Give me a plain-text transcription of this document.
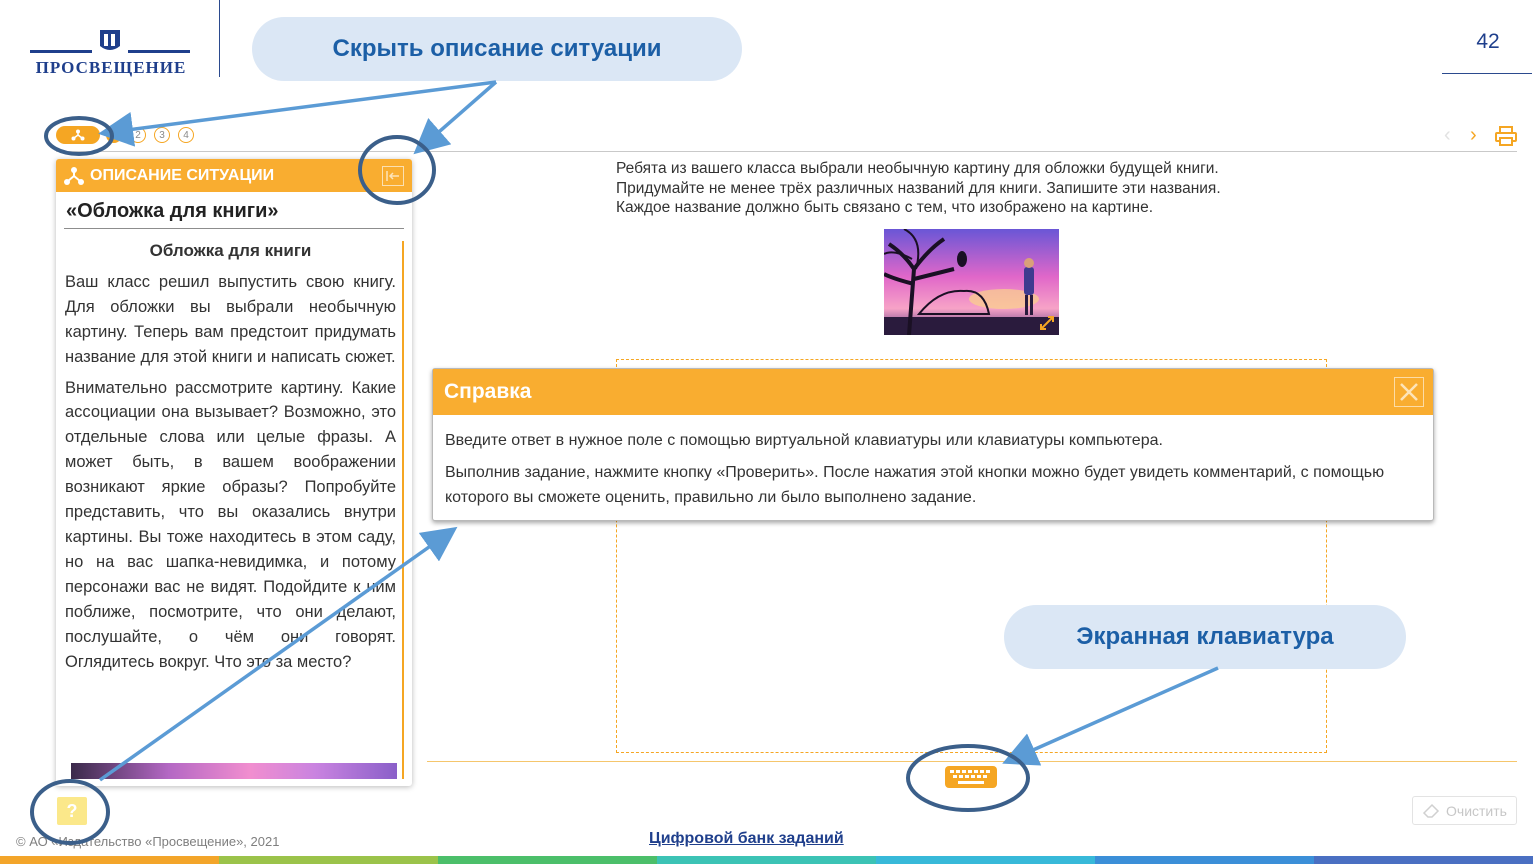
ПРОСВЕЩЕНИЕ
42
Скрыть описание ситуации
2	3	4	‹ ›
ОПИСАНИЕ СИТУАЦИИ
«Обложка для книги»
Обложка для книги

Ваш класс решил выпустить свою книгу. Для обложки вы выбрали необычную картину. Теперь вам предстоит придумать название для этой книги и написать сюжет.

Внимательно рассмотрите картину. Какие ассоциации она вызывает? Возможно, это отдельные слова или целые фразы. А может быть, в вашем воображении возникают яркие образы? Попробуйте представить, что вы оказались внутри картины. Вы тоже находитесь в этом саду, но на вас шапка-невидимка, и потому персонажи вас не видят. Подойдите к ним поближе, посмотрите, что они делают, послушайте, о чём они говорят. Оглядитесь вокруг. Что это за место?

?
Ребята из вашего класса выбрали необычную картину для обложки будущей книги.
Придумайте не менее трёх различных названий для книги. Запишите эти названия.
Каждое название должно быть связано с тем, что изображено на картине.
Очистить
Экранная клавиатура
Справка

Введите ответ в нужное поле с помощью виртуальной клавиатуры или клавиатуры компьютера.

Выполнив задание, нажмите кнопку «Проверить». После нажатия этой кнопки можно будет увидеть комментарий, с помощью которого вы сможете оценить, правильно ли было выполнено задание.

© АО «Издательство «Просвещение», 2021	Цифровой банк заданий
